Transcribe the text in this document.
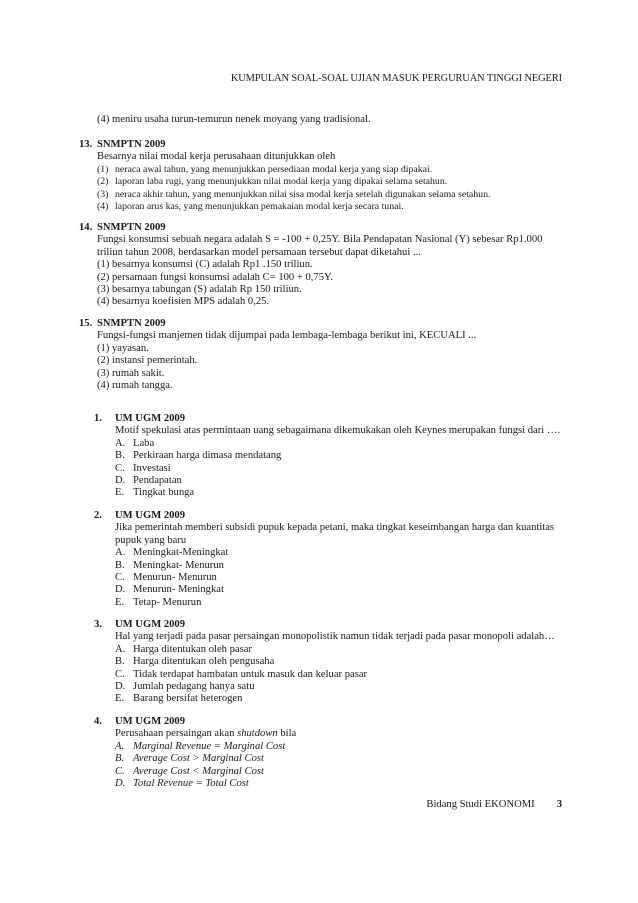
KUMPULAN SOAL-SOAL UJIAN MASUK PERGURUAN TINGGI NEGERI
(4) meniru usaha turun-temurun nenek moyang yang tradisional.
13. SNMPTN 2009
Besarnya nilai modal kerja perusahaan ditunjukkan oleh
(1) neraca awal tahun, yang menunjukkan persediaan modal kerja yang siap dipakai.
(2) laporan laba rugi, yang menunjukkan nilai modal kerja yang dipakai selama setahun.
(3) neraca akhir tahun, yang menunjukkan nilai sisa modal kerja setelah digunakan selama setahun.
(4) laporan arus kas, yang menunjukkan pemakaian modal kerja secara tunai.
14. SNMPTN 2009
Fungsi konsumsi sebuah negara adalah S = -100 + 0,25Y. Bila Pendapatan Nasional (Y) sebesar Rp1.000
triliun tahun 2008, berdasarkan model persamaan tersebut dapat diketahui ...
(1) besarnya konsumsi (C) adalah Rp1 .150 triliun.
(2) persamaan fungsi konsumsi adalah C= 100 + 0,75Y.
(3) besarnya tabungan (S) adalah Rp 150 triliun.
(4) besarnya koefisien MPS adalah 0,25.
15. SNMPTN 2009
Fungsi-fungsi manjemen tidak dijumpai pada lembaga-lembaga berikut ini, KECUALI ...
(1) yayasan.
(2) instansi pemerintah.
(3) rumah sakit.
(4) rumah tangga.
1. UM UGM 2009
Motif spekulasi atas permintaan uang sebagaimana dikemukakan oleh Keynes merupakan fungsi dari ….
A. Laba
B. Perkiraan harga dimasa mendatang
C. Investasi
D. Pendapatan
E. Tingkat bunga
2. UM UGM 2009
Jika pemerintah memberi subsidi pupuk kepada petani, maka tingkat keseimbangan harga dan kuantitas
pupuk yang baru
A. Meningkat-Meningkat
B. Meningkat- Menurun
C. Menurun- Menurun
D. Menurun- Meningkat
E. Tetap- Menurun
3. UM UGM 2009
Hal yang terjadi pada pasar persaingan monopolistik namun tidak terjadi pada pasar monopoli adalah…
A. Harga ditentukan oleh pasar
B. Harga ditentukan oleh pengusaha
C. Tidak terdapat hambatan untuk masuk dan keluar pasar
D. Jumlah pedagang hanya satu
E. Barang bersifat heterogen
4. UM UGM 2009
Perusahaan persaingan akan shutdown bila
A. Marginal Revenue = Marginal Cost
B. Average Cost > Marginal Cost
C. Average Cost < Marginal Cost
D. Total Revenue = Total Cost
Bidang Studi EKONOMI 3
